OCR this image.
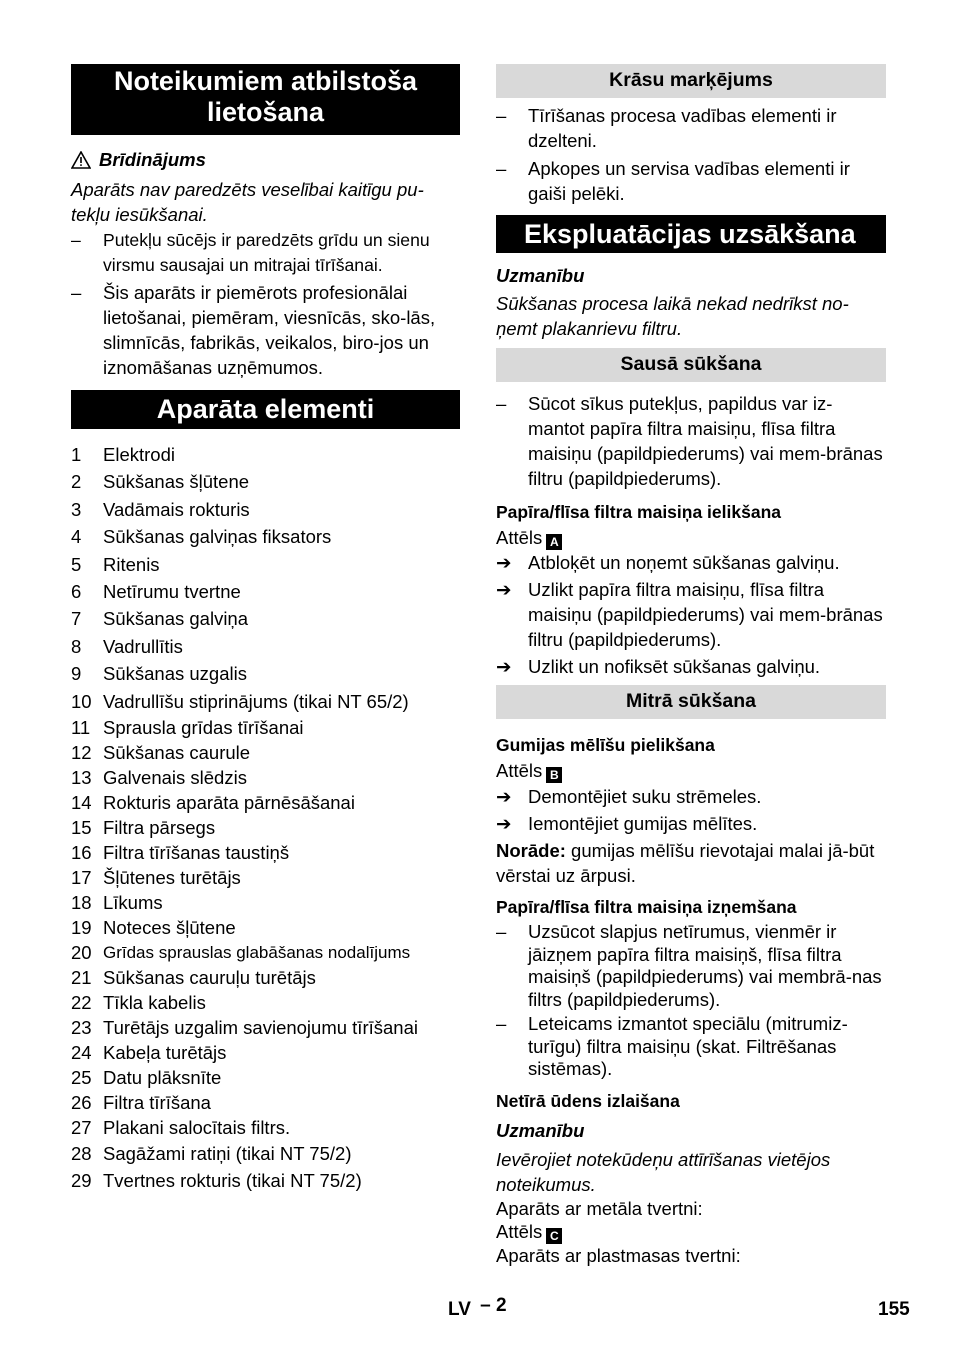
Noteikumiem atbilstoša lietošana
Brīdinājums

Aparāts nav paredzēts veselībai kaitīgu pu-tekļu iesūkšanai.

–	Putekļu sūcējs ir paredzēts grīdu un sienu virsmu sausajai un mitrajai tīrīšanai.
–	Šis aparāts ir piemērots profesionālai lietošanai, piemēram, viesnīcās, sko-lās, slimnīcās, fabrikās, veikalos, biro-jos un iznomāšanas uzņēmumos.
Aparāta elementi
1	Elektrodi
2	Sūkšanas šļūtene
3	Vadāmais rokturis
4	Sūkšanas galviņas fiksators
5	Ritenis
6	Netīrumu tvertne
7	Sūkšanas galviņa
8	Vadrullītis
9	Sūkšanas uzgalis
10 Vadrullīšu stiprinājums (tikai NT 65/2)
11 Sprausla grīdas tīrīšanai
12 Sūkšanas caurule
13 Galvenais slēdzis
14 Rokturis aparāta pārnēsāšanai
15 Filtra pārsegs
16 Filtra tīrīšanas taustiņš
17 Šļūtenes turētājs
18 Līkums
19 Noteces šļūtene
20 Grīdas sprauslas glabāšanas nodalījums
21 Sūkšanas cauruļu turētājs
22 Tīkla kabelis
23 Turētājs uzgalim savienojumu tīrīšanai
24 Kabeļa turētājs
25 Datu plāksnīte
26 Filtra tīrīšana
27 Plakani salocītais filtrs.
28 Sagāžami ratiņi (tikai NT 75/2)
29 Tvertnes rokturis (tikai NT 75/2)
Krāsu marķējums
–	Tīrīšanas procesa vadības elementi ir dzelteni.
–	Apkopes un servisa vadības elementi ir gaiši pelēki.
Ekspluatācijas uzsākšana

Uzmanību

Sūkšanas procesa laikā nekad nedrīkst no-ņemt plakanrievu filtru.

Sausā sūkšana
–	Sūcot sīkus putekļus, papildus var iz-mantot papīra filtra maisiņu, flīsa filtra maisiņu (papildpiederums) vai mem-brānas filtru (papildpiederums).

Papīra/flīsa filtra maisiņa ielikšana

Attēls A

➔ Atbloķēt un noņemt sūkšanas galviņu.
➔ Uzlikt papīra filtra maisiņu, flīsa filtra maisiņu (papildpiederums) vai mem-brānas filtru (papildpiederums).
➔ Uzlikt un nofiksēt sūkšanas galviņu.
Mitrā sūkšana

Gumijas mēlīšu pielikšana

Attēls B

➔ Demontējiet suku strēmeles.
➔ Iemontējiet gumijas mēlītes.

Norāde: gumijas mēlīšu rievotajai malai jā-būt vērstai uz ārpusi.

Papīra/flīsa filtra maisiņa izņemšana

–	Uzsūcot slapjus netīrumus, vienmēr ir jāizņem papīra filtra maisiņš, flīsa filtra maisiņš (papildpiederums) vai membrā-nas filtrs (papildpiederums).
–	Leteicams izmantot speciālu (mitrumiz-turīgu) filtra maisiņu (skat. Filtrēšanas sistēmas).

Netīrā ūdens izlaišana

Uzmanību

Ievērojiet notekūdeņu attīrīšanas vietējos noteikumus.

Aparāts ar metāla tvertni:

Attēls C

Aparāts ar plastmasas tvertni:

LV – 2	155
